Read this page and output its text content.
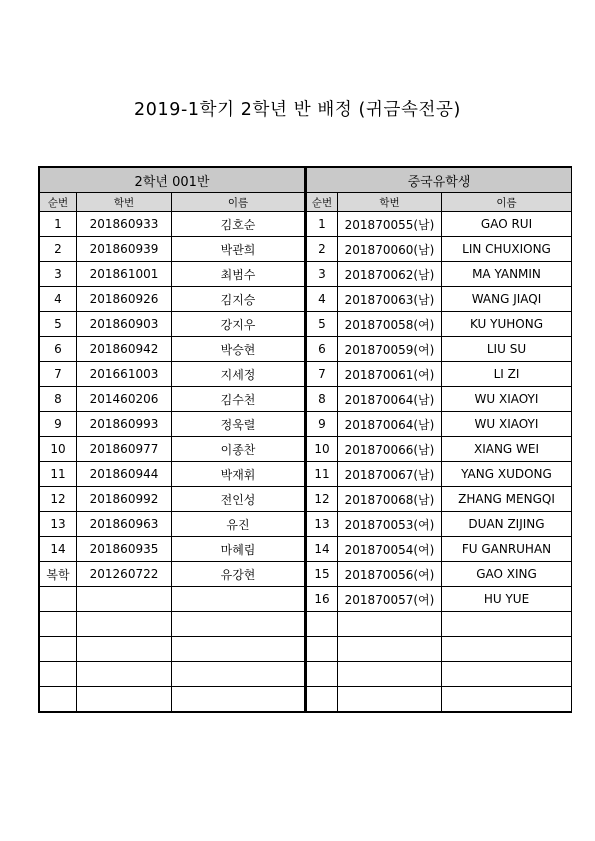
2019-1학기 2학년 반 배정 (귀금속전공)
2학년 001반		
순번	학번	이름
1	201860933	김호순
2	201860939	박관희
3	201861001	최범수
4	201860926	김지승
5	201860903	강지우
6	201860942	박승현
7	201661003	지세정
8	201460206	김수천
9	201860993	정욱렬
10	201860977	이종찬
11	201860944	박재휘
12	201860992	전인성
13	201860963	유진
14	201860935	마혜림
복학	201260722	유강현

중국유학생		
순번	학번	이름
1	201870055(남)	GAO RUI
2	201870060(남)	LIN CHUXIONG
3	201870062(남)	MA YANMIN
4	201870063(남)	WANG JIAQI
5	201870058(여)	KU YUHONG
6	201870059(여)	LIU SU
7	201870061(여)	LI ZI
8	201870064(남)	WU XIAOYI
9	201870064(남)	WU XIAOYI
10	201870066(남)	XIANG WEI
11	201870067(남)	YANG XUDONG
12	201870068(남)	ZHANG MENGQI
13	201870053(여)	DUAN ZIJING
14	201870054(여)	FU GANRUHAN
15	201870056(여)	GAO XING
16	201870057(여)	HU YUE
